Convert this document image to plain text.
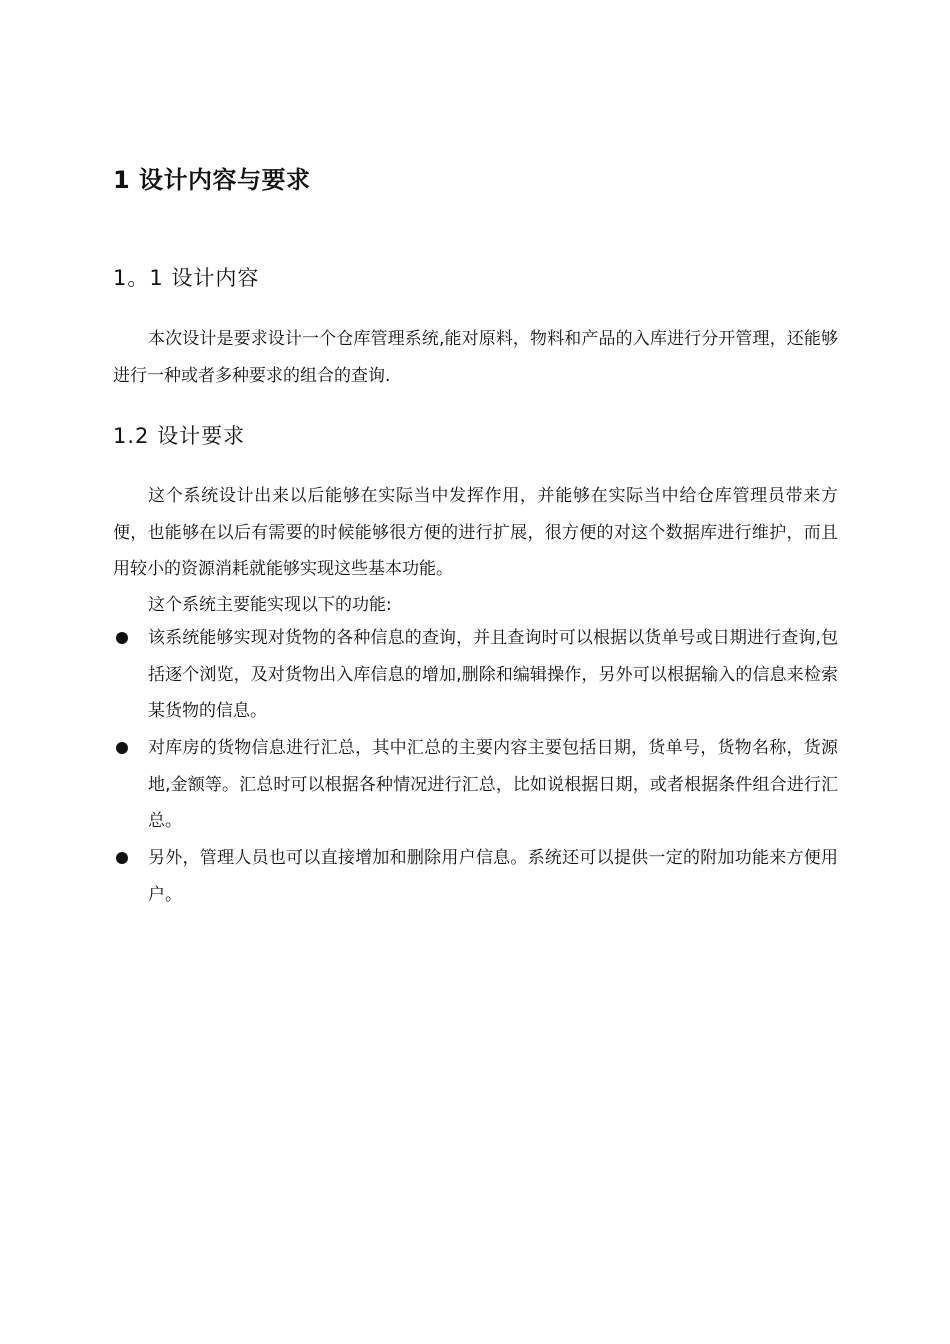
1 设计内容与要求
1。1 设计内容

本次设计是要求设计一个仓库管理系统,能对原料，物料和产品的入库进行分开管理，还能够进行一种或者多种要求的组合的查询.

1.2 设计要求

这个系统设计出来以后能够在实际当中发挥作用，并能够在实际当中给仓库管理员带来方便，也能够在以后有需要的时候能够很方便的进行扩展，很方便的对这个数据库进行维护，而且用较小的资源消耗就能够实现这些基本功能。

这个系统主要能实现以下的功能:

该系统能够实现对货物的各种信息的查询，并且查询时可以根据以货单号或日期进行查询,包括逐个浏览，及对货物出入库信息的增加,删除和编辑操作，另外可以根据输入的信息来检索某货物的信息。
对库房的货物信息进行汇总，其中汇总的主要内容主要包括日期，货单号，货物名称，货源地,金额等。汇总时可以根据各种情况进行汇总，比如说根据日期，或者根据条件组合进行汇总。
另外，管理人员也可以直接增加和删除用户信息。系统还可以提供一定的附加功能来方便用户。
